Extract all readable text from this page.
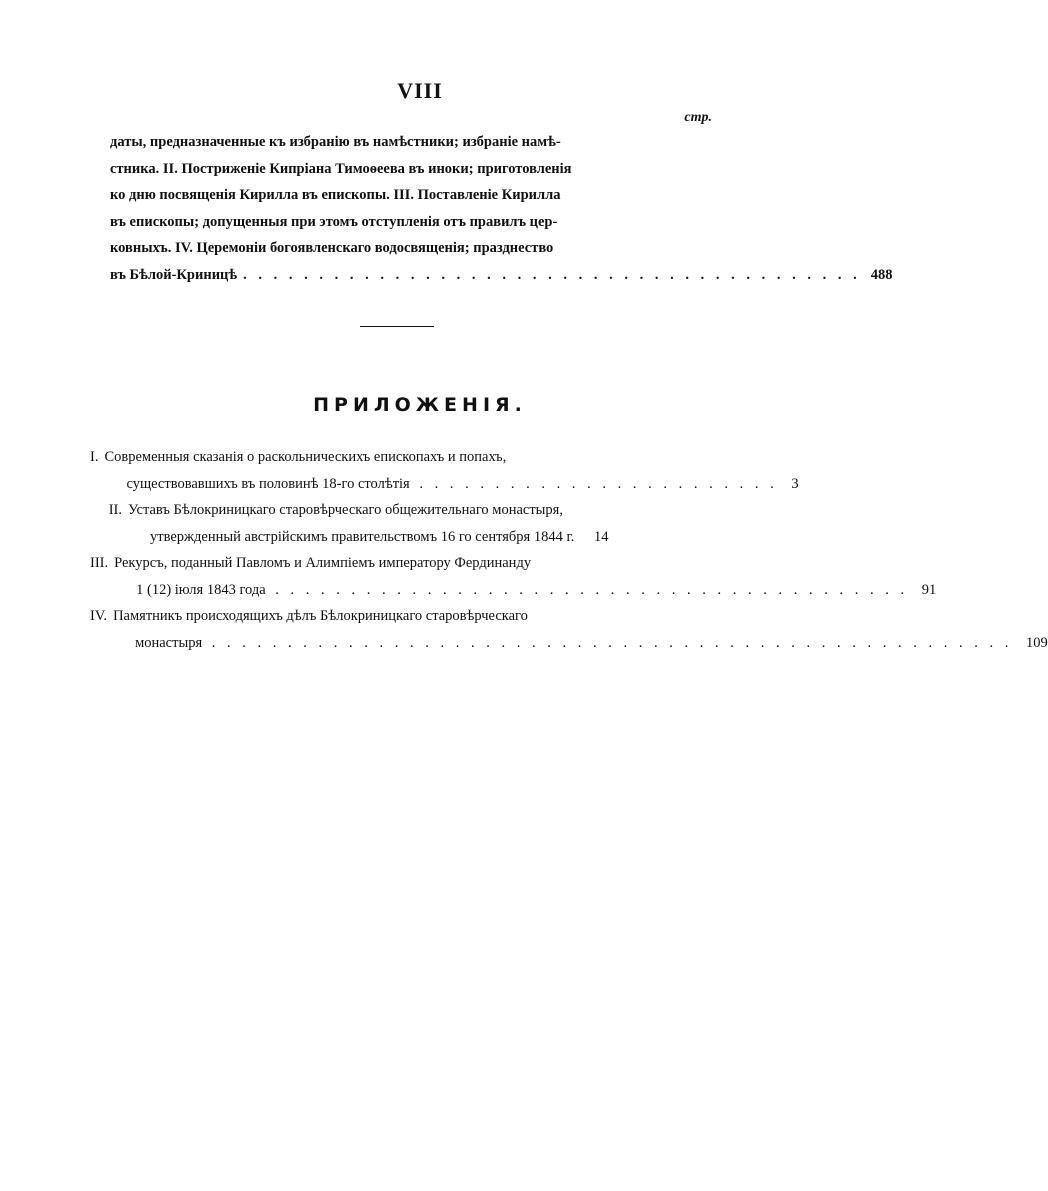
VIII
стр.
даты, предназначенные къ избранію въ намѣстники; избраніе намѣ-
стника. II. Постриженіе Кипріана Тимоѳеева въ иноки; приготовленія
ко дню посвященія Кирилла въ епископы. III. Поставленіе Кирилла
въ епископы; допущенныя при этомъ отступленія отъ правилъ цер-
ковныхъ. IV. Церемоніи богоявленскаго водосвященія; празднество
въ Бѣлой-Криницѣ . . . . . . . . . . . . . . . . . . . . . . . . . . . . . . . . . . . . . . . . . 488
ПРИЛОЖЕНІЯ.
I. Современныя сказанія о раскольническихъ епископахъ и попахъ,
существовавшихъ въ половинѣ 18-го столѣтія . . . . . . . . . . . . . . . . . . . . . . . . 3
II. Уставъ Бѣлокриницкаго старовѣрческаго общежительнаго монастыря,
утвержденный австрійскимъ правительствомъ 16 го сентября 1844 г. 14
III. Рекурсъ, поданный Павломъ и Алимпіемъ императору Фердинанду
1 (12) іюля 1843 года . . . . . . . . . . . . . . . . . . . . . . . . . . . . . . . . . . . . . . . . . . 91
IV. Памятникъ происходящихъ дѣлъ Бѣлокриницкаго старовѣрческаго
монастыря . . . . . . . . . . . . . . . . . . . . . . . . . . . . . . . . . . . . . . . . . . . . . . . . . . . . . 109
